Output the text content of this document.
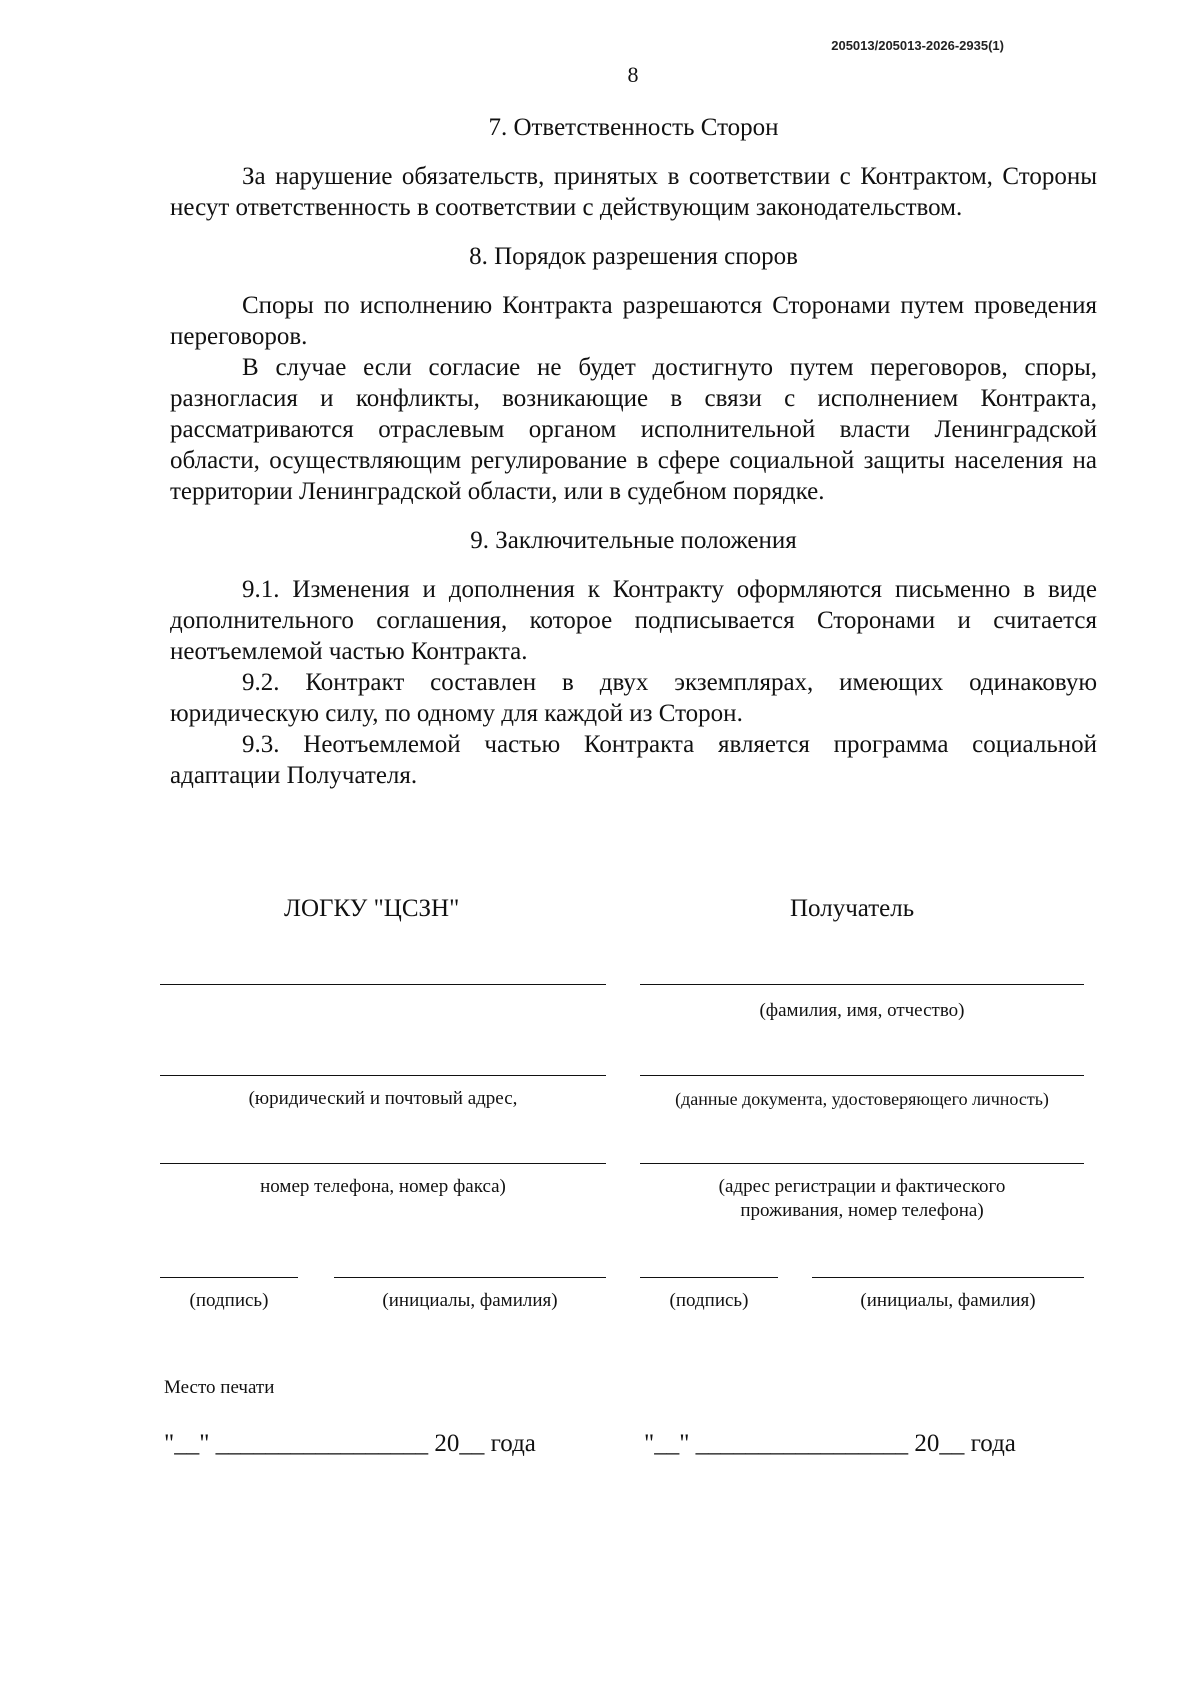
205013/205013-2026-2935(1)
8
7. Ответственность Сторон

За нарушение обязательств, принятых в соответствии с Контрактом, Стороны несут ответственность в соответствии с действующим законодательством.

8. Порядок разрешения споров

Споры по исполнению Контракта разрешаются Сторонами путем проведения переговоров.

В случае если согласие не будет достигнуто путем переговоров, споры, разногласия и конфликты, возникающие в связи с исполнением Контракта, рассматриваются отраслевым органом исполнительной власти Ленинградской области, осуществляющим регулирование в сфере социальной защиты населения на территории Ленинградской области, или в судебном порядке.

9. Заключительные положения

9.1. Изменения и дополнения к Контракту оформляются письменно в виде дополнительного соглашения, которое подписывается Сторонами и считается неотъемлемой частью Контракта.

9.2. Контракт составлен в двух экземплярах, имеющих одинаковую юридическую силу, по одному для каждой из Сторон.

9.3. Неотъемлемой частью Контракта является программа социальной адаптации Получателя.

ЛОГКУ "ЦСЗН"
(юридический и почтовый адрес,
номер телефона, номер факса)
(подпись)	(инициалы, фамилия)
Получатель
(фамилия, имя, отчество)
(данные документа, удостоверяющего личность)
(адрес регистрации и фактического проживания, номер телефона)
(подпись)	(инициалы, фамилия)
Место печати
"__" _________________ 20__ года	"__" _________________ 20__ года
